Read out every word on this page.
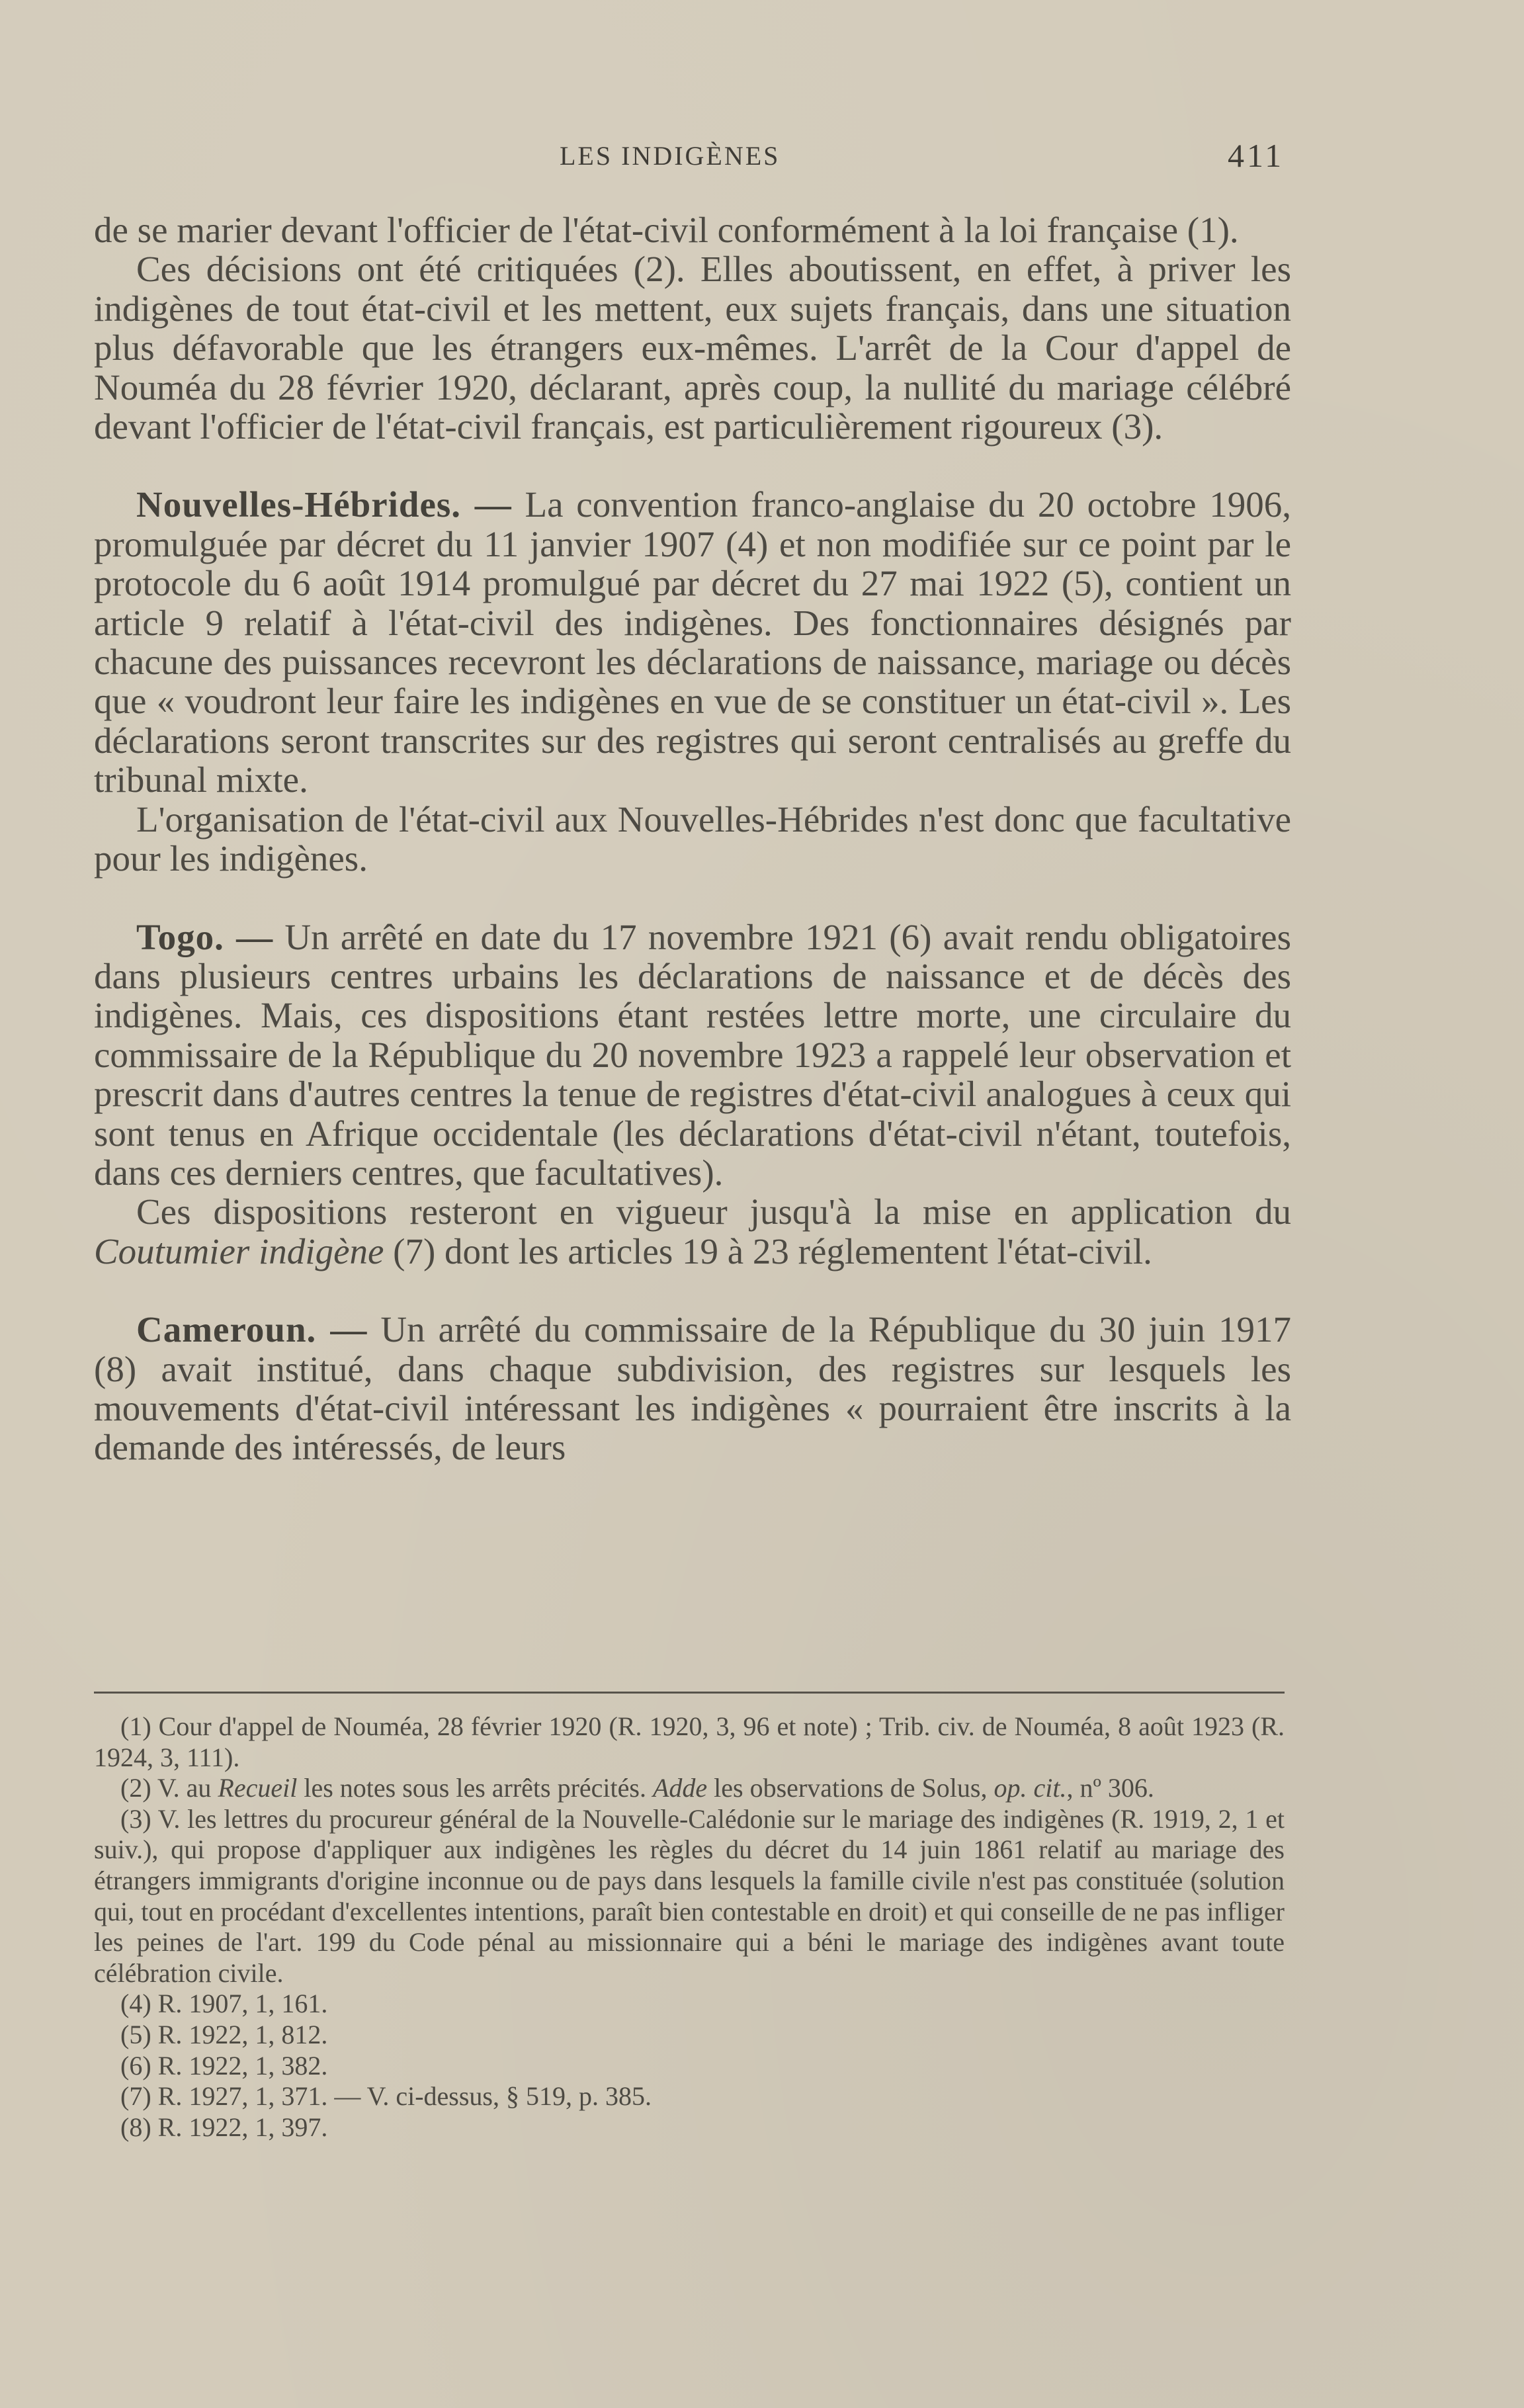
LES INDIGÈNES	411

de se marier devant l'officier de l'état-civil conformément à la loi française (1).

Ces décisions ont été critiquées (2). Elles aboutissent, en effet, à priver les indigènes de tout état-civil et les mettent, eux sujets français, dans une situation plus défavorable que les étrangers eux-mêmes. L'arrêt de la Cour d'appel de Nouméa du 28 février 1920, déclarant, après coup, la nullité du mariage célébré devant l'officier de l'état-civil français, est particulièrement rigoureux (3).

Nouvelles-Hébrides. — La convention franco-anglaise du 20 octobre 1906, promulguée par décret du 11 janvier 1907 (4) et non modifiée sur ce point par le protocole du 6 août 1914 promulgué par décret du 27 mai 1922 (5), contient un article 9 relatif à l'état-civil des indigènes. Des fonctionnaires désignés par chacune des puissances recevront les déclarations de naissance, mariage ou décès que « voudront leur faire les indigènes en vue de se constituer un état-civil ». Les déclarations seront transcrites sur des registres qui seront centralisés au greffe du tribunal mixte.

L'organisation de l'état-civil aux Nouvelles-Hébrides n'est donc que facultative pour les indigènes.

Togo. — Un arrêté en date du 17 novembre 1921 (6) avait rendu obligatoires dans plusieurs centres urbains les déclarations de naissance et de décès des indigènes. Mais, ces dispositions étant restées lettre morte, une circulaire du commissaire de la République du 20 novembre 1923 a rappelé leur observation et prescrit dans d'autres centres la tenue de registres d'état-civil analogues à ceux qui sont tenus en Afrique occidentale (les déclarations d'état-civil n'étant, toutefois, dans ces derniers centres, que facultatives).

Ces dispositions resteront en vigueur jusqu'à la mise en application du Coutumier indigène (7) dont les articles 19 à 23 réglementent l'état-civil.

Cameroun. — Un arrêté du commissaire de la République du 30 juin 1917 (8) avait institué, dans chaque subdivision, des registres sur lesquels les mouvements d'état-civil intéressant les indigènes « pourraient être inscrits à la demande des intéressés, de leurs

(1) Cour d'appel de Nouméa, 28 février 1920 (R. 1920, 3, 96 et note) ; Trib. civ. de Nouméa, 8 août 1923 (R. 1924, 3, 111).

(2) V. au Recueil les notes sous les arrêts précités. Adde les observations de Solus, op. cit., nº 306.

(3) V. les lettres du procureur général de la Nouvelle-Calédonie sur le mariage des indigènes (R. 1919, 2, 1 et suiv.), qui propose d'appliquer aux indigènes les règles du décret du 14 juin 1861 relatif au mariage des étrangers immigrants d'origine inconnue ou de pays dans lesquels la famille civile n'est pas constituée (solution qui, tout en procédant d'excellentes intentions, paraît bien contestable en droit) et qui conseille de ne pas infliger les peines de l'art. 199 du Code pénal au missionnaire qui a béni le mariage des indigènes avant toute célébration civile.

(4) R. 1907, 1, 161.

(5) R. 1922, 1, 812.

(6) R. 1922, 1, 382.

(7) R. 1927, 1, 371. — V. ci-dessus, § 519, p. 385.

(8) R. 1922, 1, 397.
